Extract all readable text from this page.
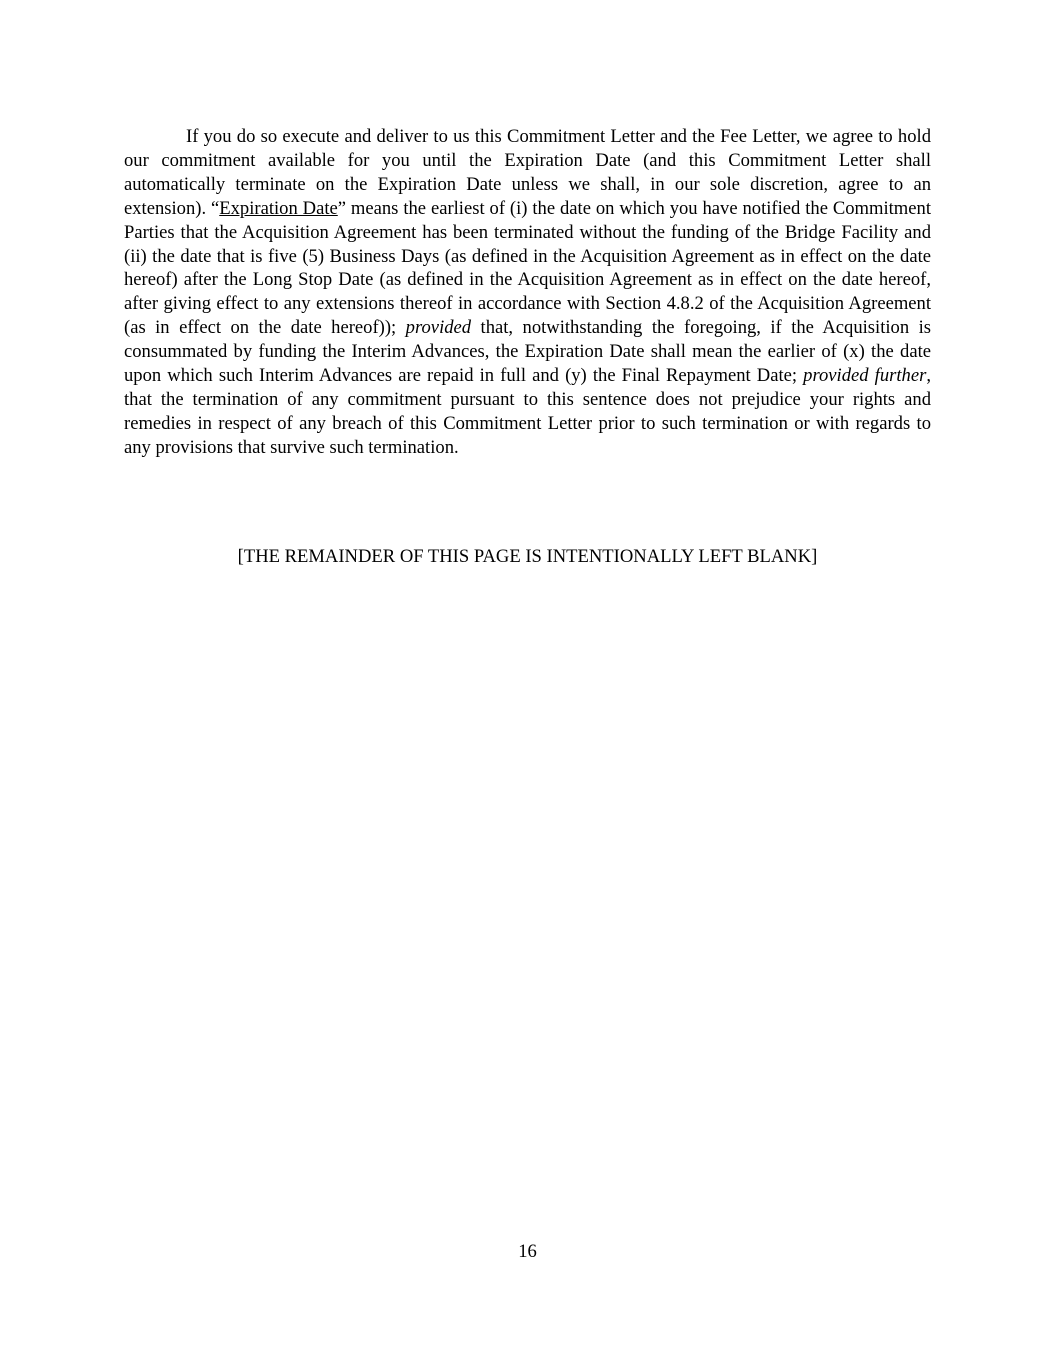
If you do so execute and deliver to us this Commitment Letter and the Fee Letter, we agree to hold our commitment available for you until the Expiration Date (and this Commitment Letter shall automatically terminate on the Expiration Date unless we shall, in our sole discretion, agree to an extension). “Expiration Date” means the earliest of (i) the date on which you have notified the Commitment Parties that the Acquisition Agreement has been terminated without the funding of the Bridge Facility and (ii) the date that is five (5) Business Days (as defined in the Acquisition Agreement as in effect on the date hereof) after the Long Stop Date (as defined in the Acquisition Agreement as in effect on the date hereof, after giving effect to any extensions thereof in accordance with Section 4.8.2 of the Acquisition Agreement (as in effect on the date hereof)); provided that, notwithstanding the foregoing, if the Acquisition is consummated by funding the Interim Advances, the Expiration Date shall mean the earlier of (x) the date upon which such Interim Advances are repaid in full and (y) the Final Repayment Date; provided further, that the termination of any commitment pursuant to this sentence does not prejudice your rights and remedies in respect of any breach of this Commitment Letter prior to such termination or with regards to any provisions that survive such termination.

[THE REMAINDER OF THIS PAGE IS INTENTIONALLY LEFT BLANK]

16
